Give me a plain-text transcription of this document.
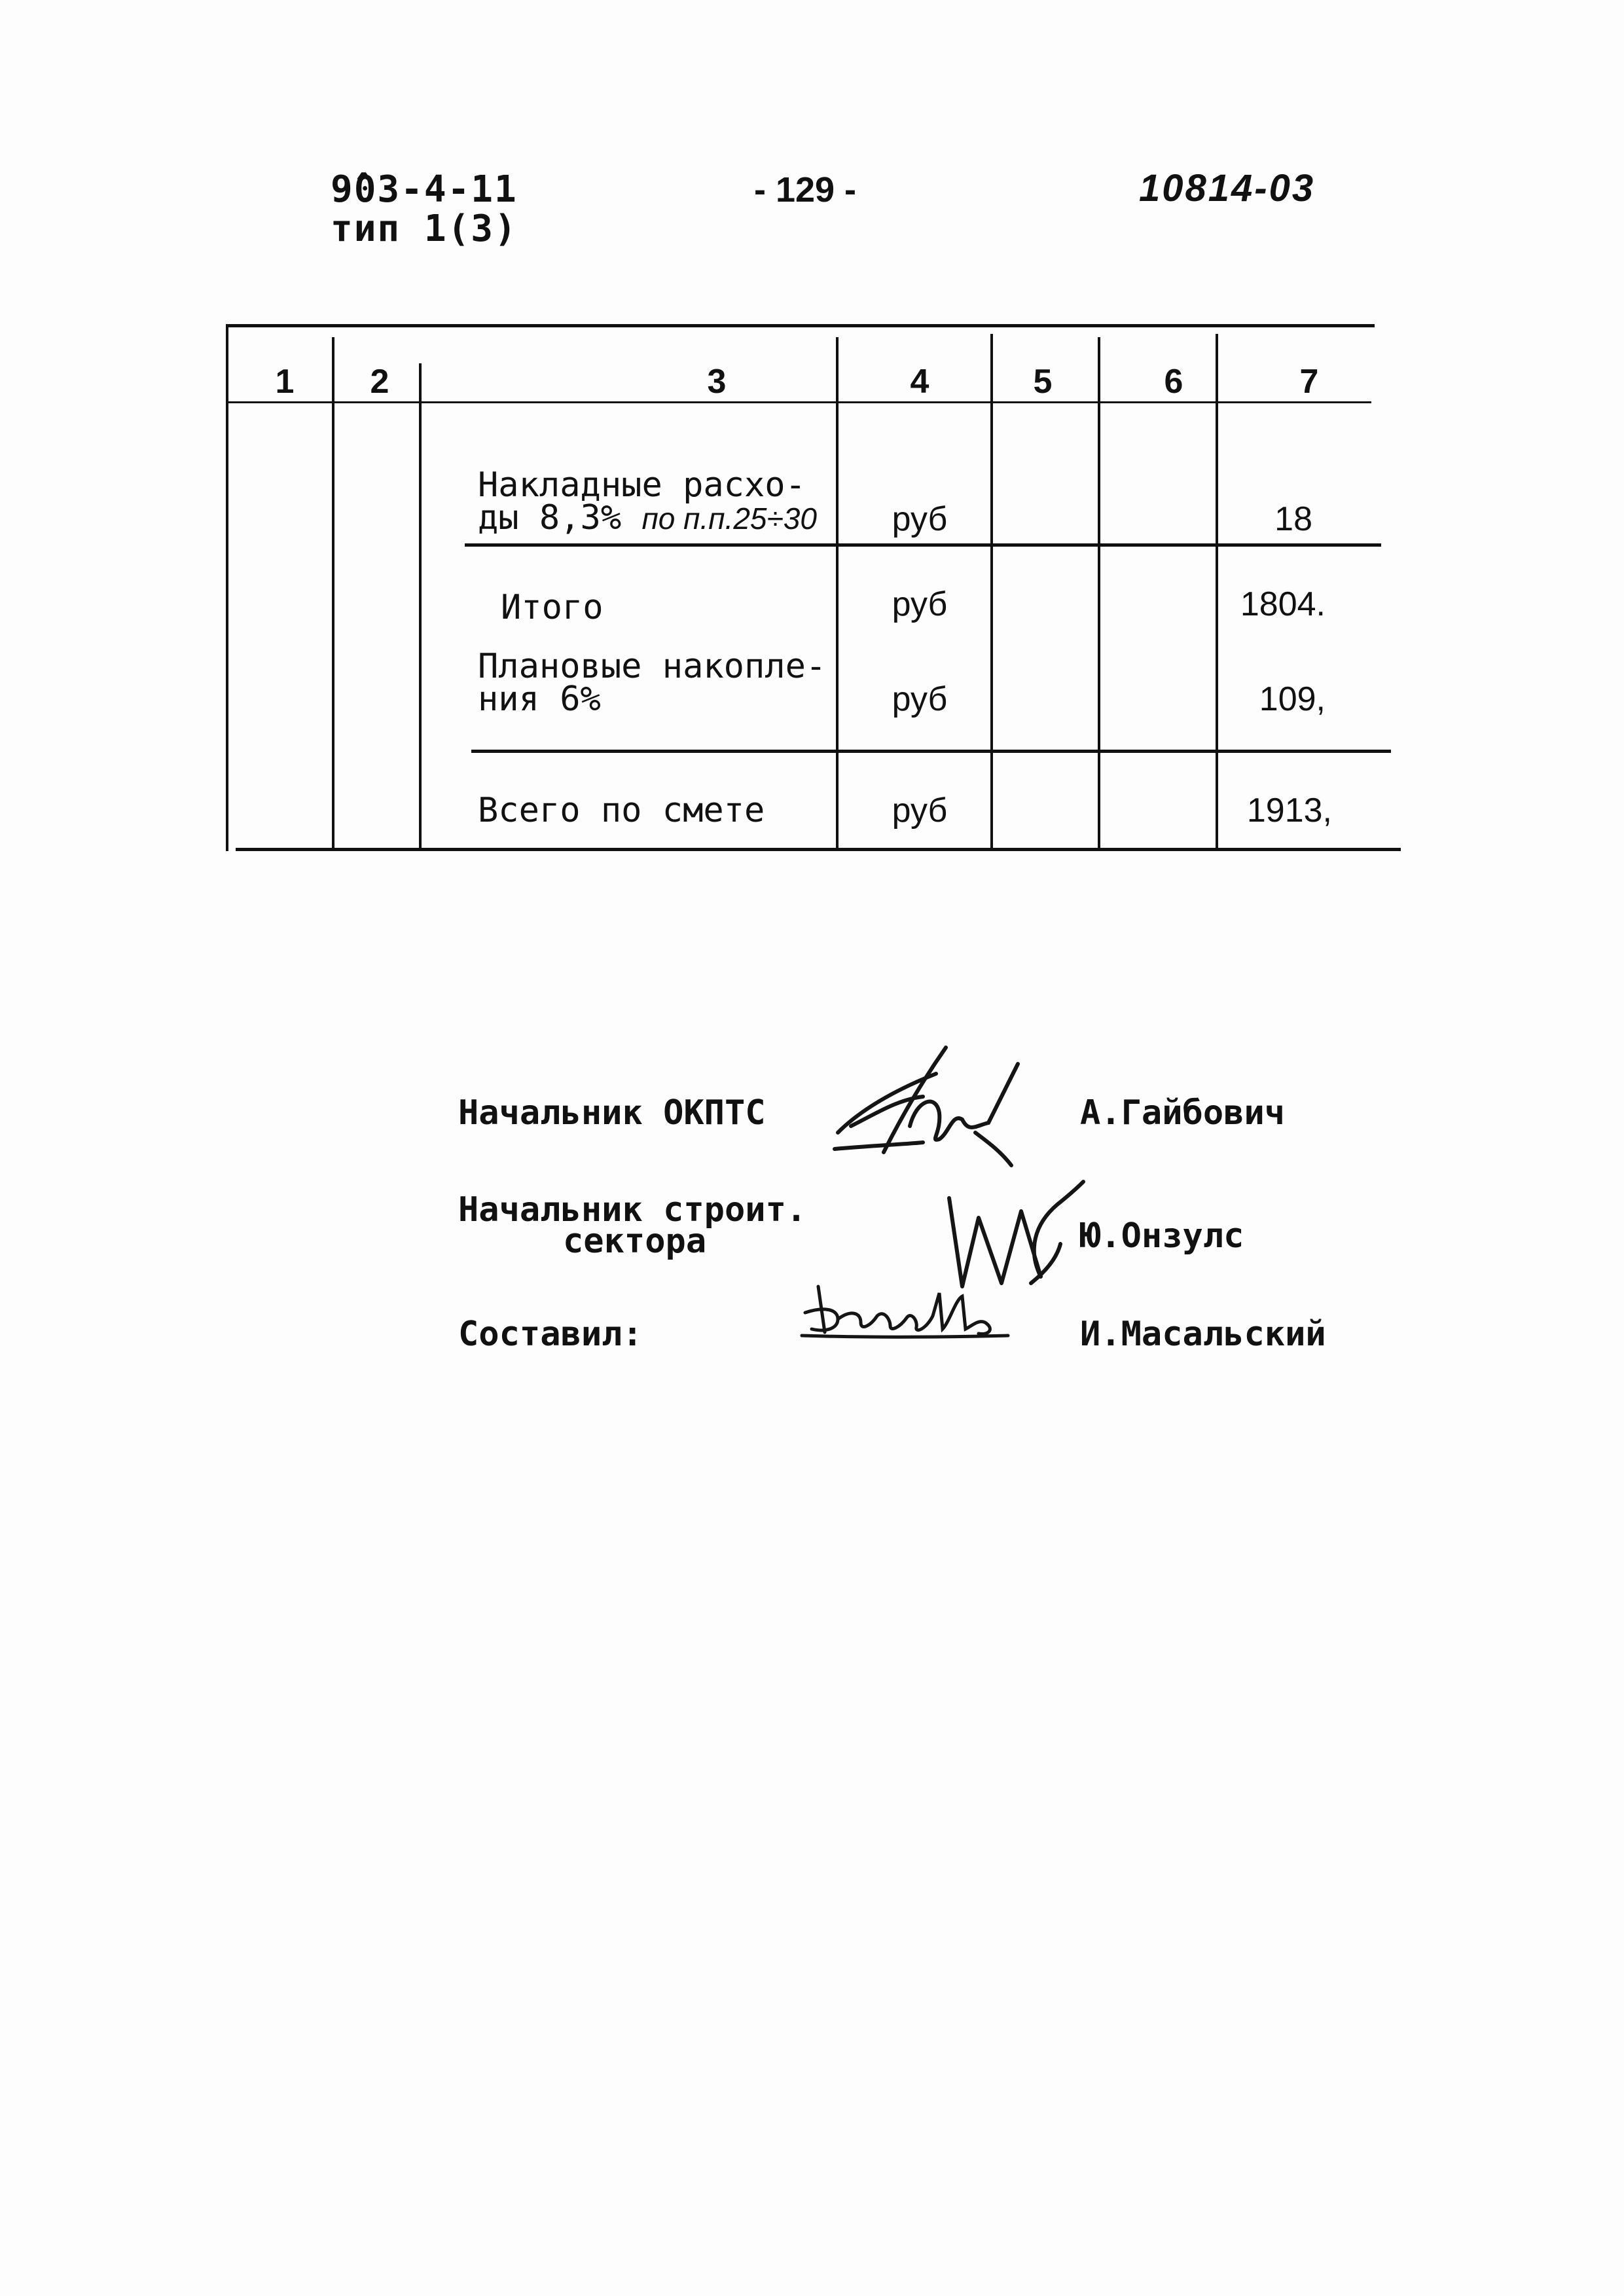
9̂03-4-11
тип 1(3)
- 129 -	10814-03
1 2	3	4	5	6	7
Накладные расхо-
ды 8,3% по п.п.25÷30	руб	18
Итого	руб	1804.
Плановые накопле-
ния 6%	руб	109,
Всего по смете	руб	1913,
Начальник ОКПТС	А.Гайбович
Начальник строит.
сектора	Ю.Онзулс
Составил:	И.Масальский
